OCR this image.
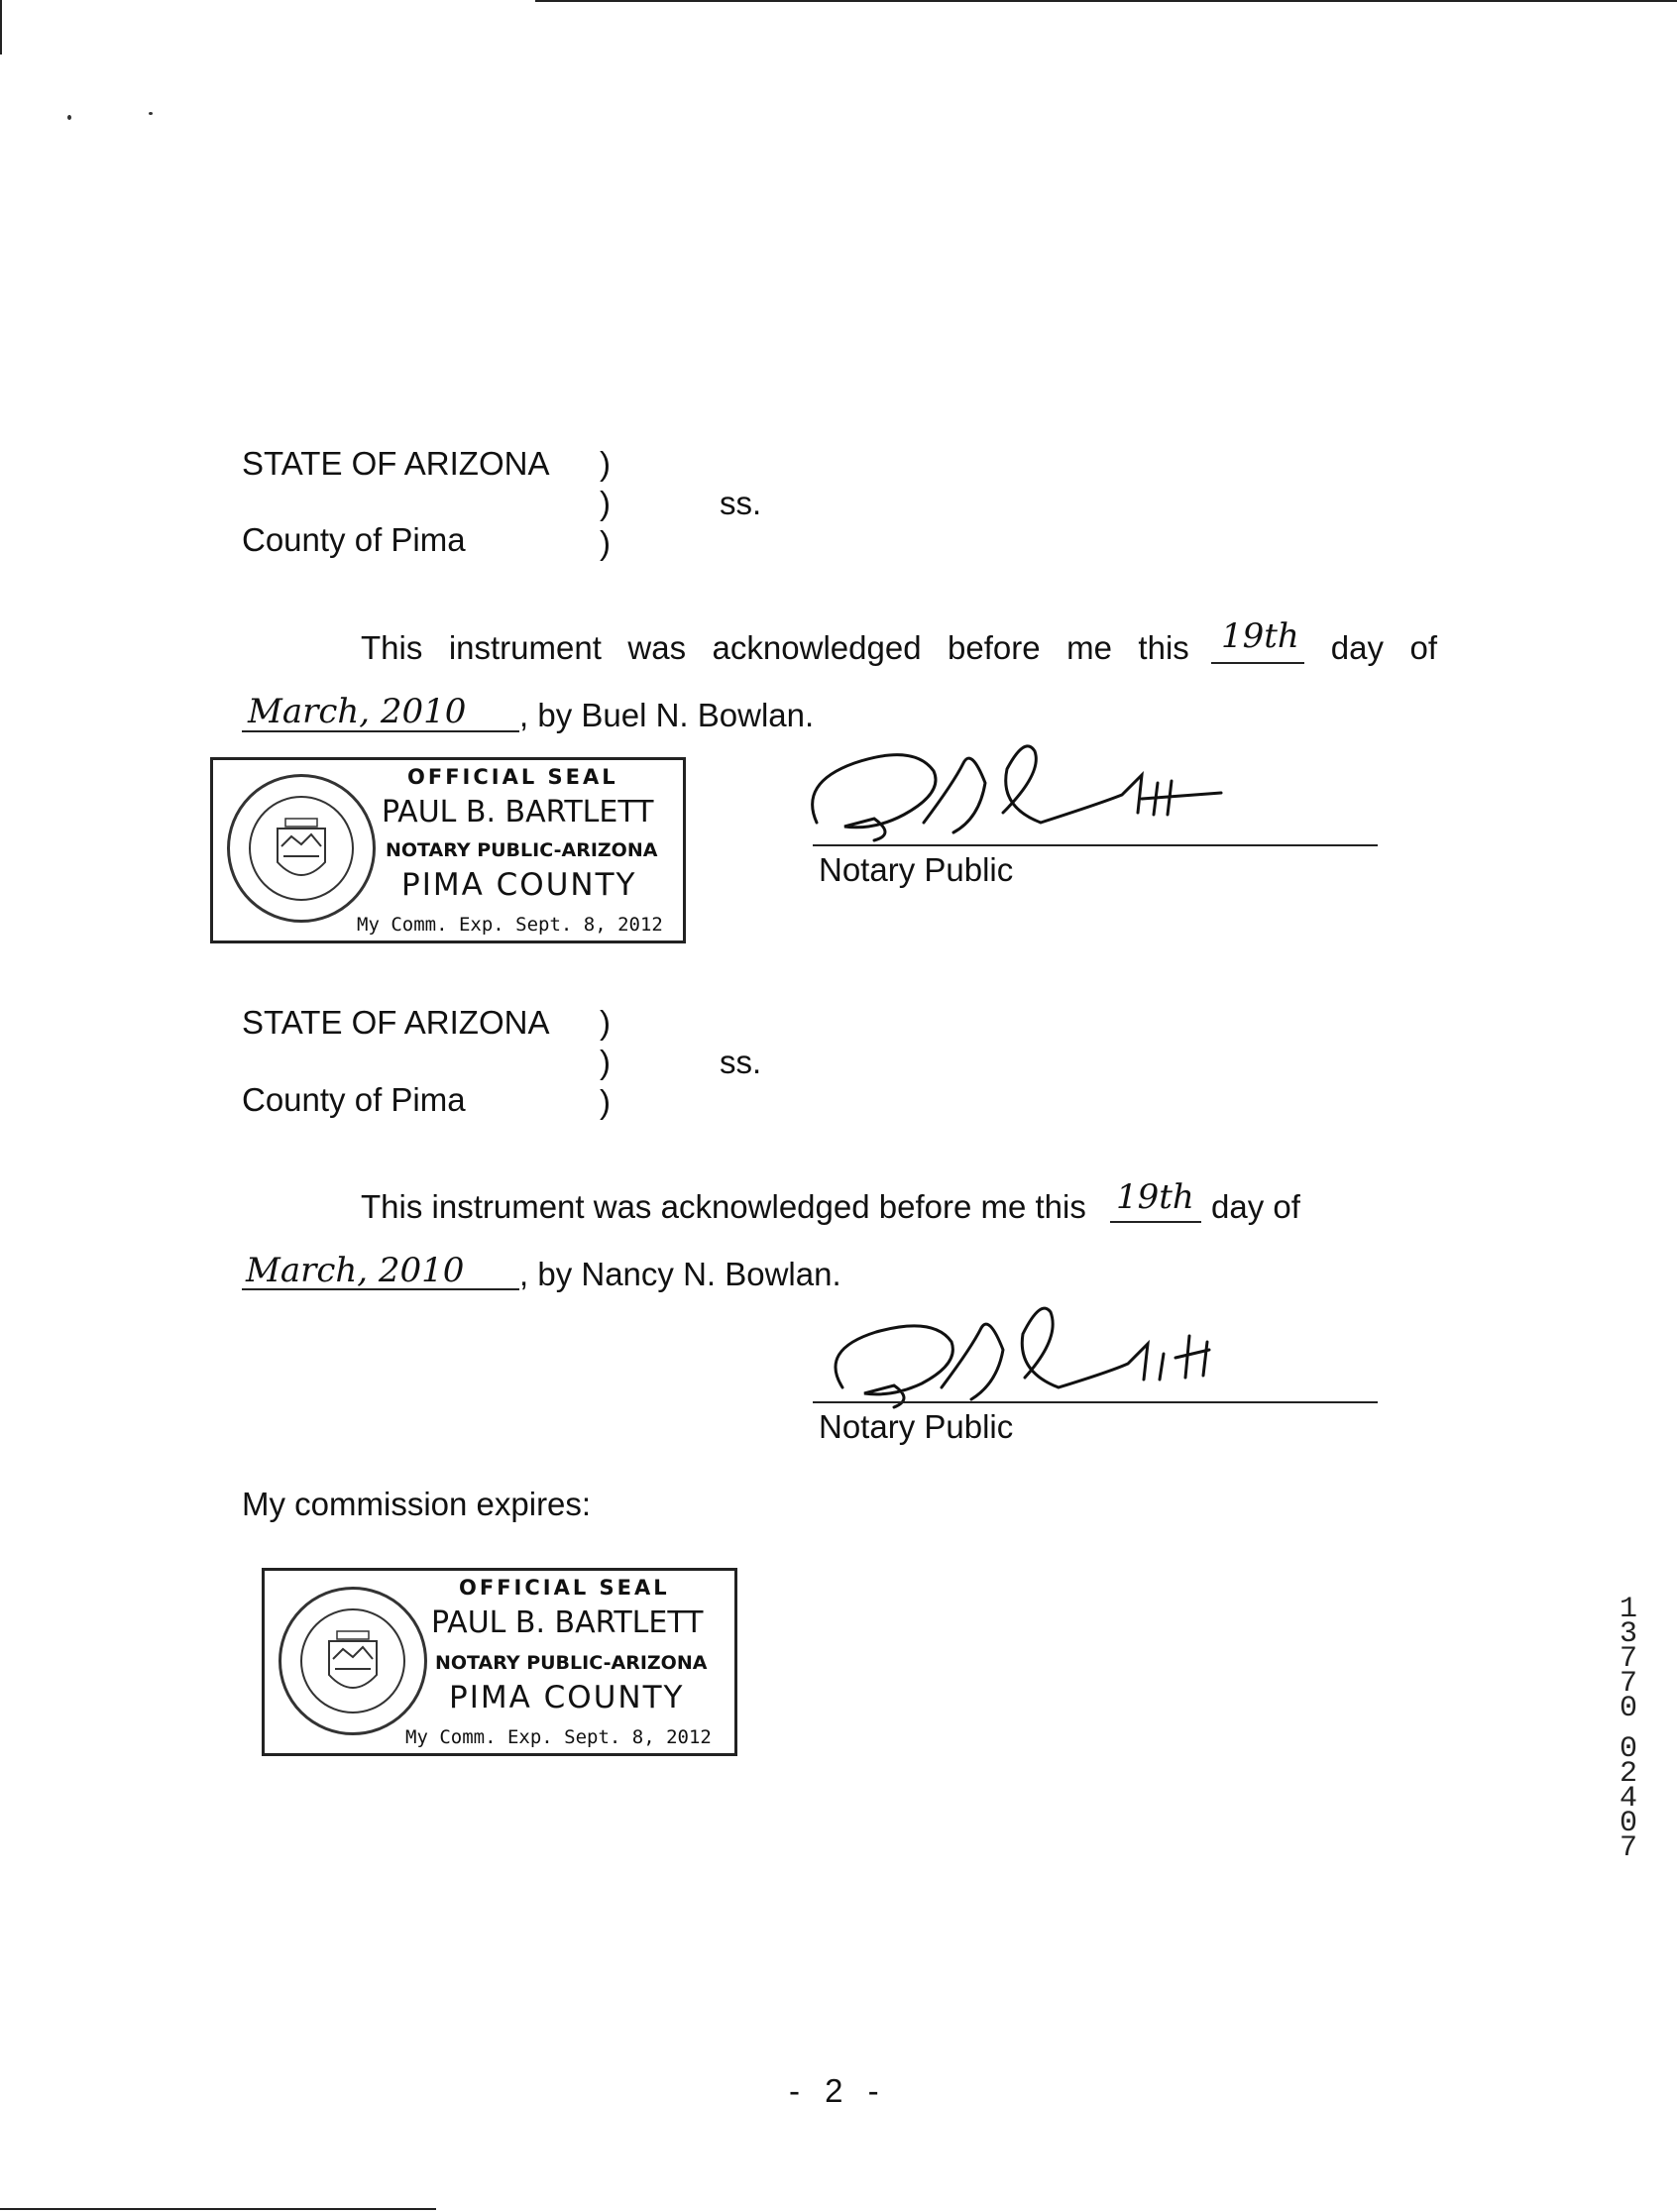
STATE OF ARIZONA )
)	ss.
County of Pima	)
This instrument was acknowledged before me this	day of
19th
March, 2010 , by Buel N. Bowlan.
OFFICIAL SEAL
PAUL B. BARTLETT
NOTARY PUBLIC-ARIZONA
PIMA COUNTY
My Comm. Exp. Sept. 8, 2012
Notary Public
STATE OF ARIZONA )
)	ss.
County of Pima	)
This instrument was acknowledged before me this 19th day of
March, 2010 , by Nancy N. Bowlan.
Notary Public
My commission expires:
OFFICIAL SEAL
PAUL B. BARTLETT
NOTARY PUBLIC-ARIZONA
PIMA COUNTY
My Comm. Exp. Sept. 8, 2012
1
3
7
7
0
0
2
4
0
7
- 2 -
